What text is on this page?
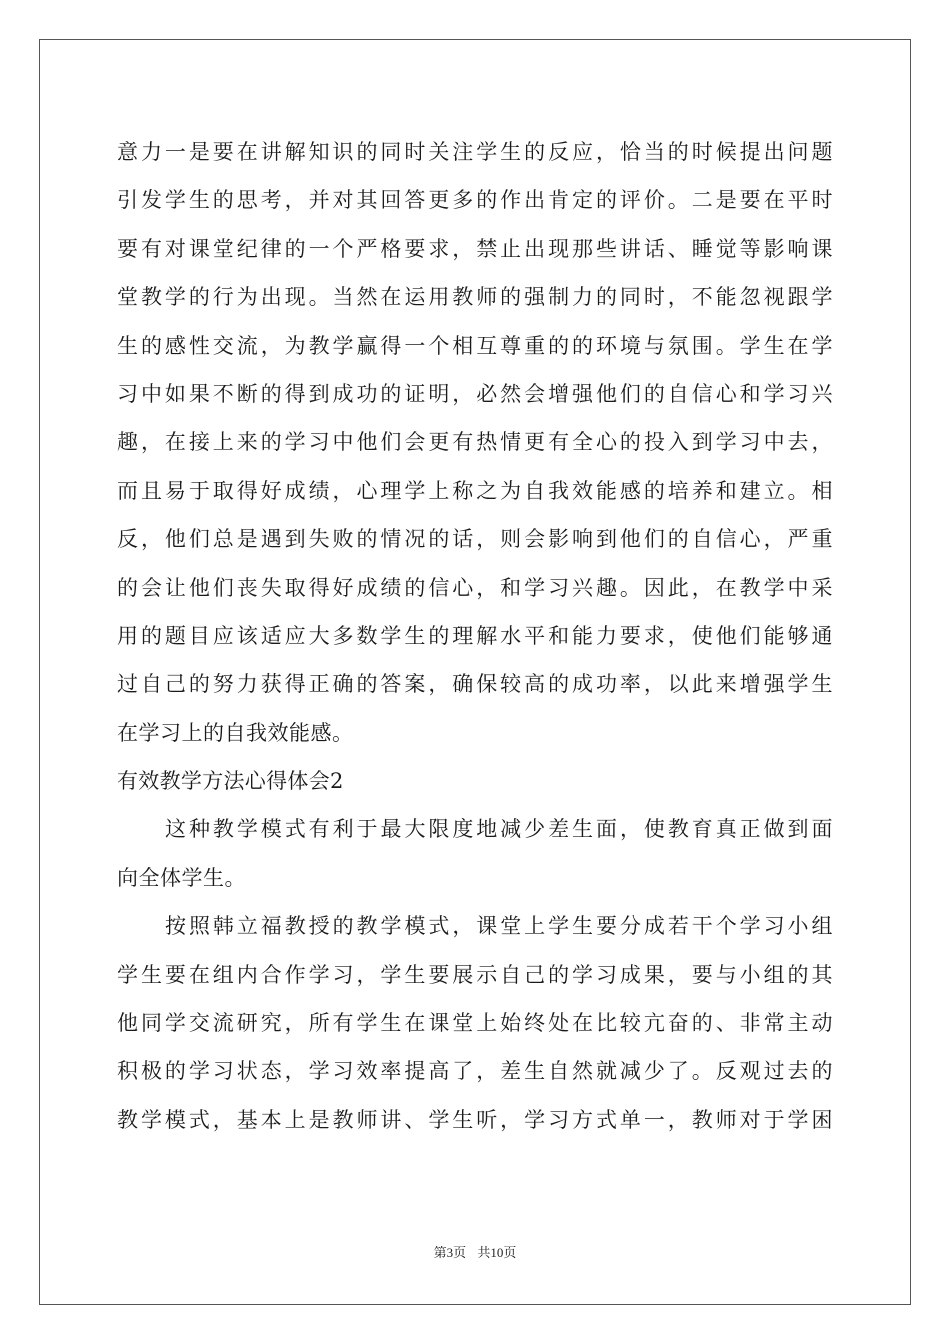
意力一是要在讲解知识的同时关注学生的反应，恰当的时候提出问题
引发学生的思考，并对其回答更多的作出肯定的评价。二是要在平时
要有对课堂纪律的一个严格要求，禁止出现那些讲话、睡觉等影响课
堂教学的行为出现。当然在运用教师的强制力的同时，不能忽视跟学
生的感性交流，为教学赢得一个相互尊重的的环境与氛围。学生在学
习中如果不断的得到成功的证明，必然会增强他们的自信心和学习兴
趣，在接上来的学习中他们会更有热情更有全心的投入到学习中去，
而且易于取得好成绩，心理学上称之为自我效能感的培养和建立。相
反，他们总是遇到失败的情况的话，则会影响到他们的自信心，严重
的会让他们丧失取得好成绩的信心，和学习兴趣。因此，在教学中采
用的题目应该适应大多数学生的理解水平和能力要求，使他们能够通
过自己的努力获得正确的答案，确保较高的成功率，以此来增强学生
在学习上的自我效能感。
有效教学方法心得体会2
这种教学模式有利于最大限度地减少差生面，使教育真正做到面
向全体学生。
按照韩立福教授的教学模式，课堂上学生要分成若干个学习小组
学生要在组内合作学习，学生要展示自己的学习成果，要与小组的其
他同学交流研究，所有学生在课堂上始终处在比较亢奋的、非常主动
积极的学习状态，学习效率提高了，差生自然就减少了。反观过去的
教学模式，基本上是教师讲、学生听，学习方式单一，教师对于学困
第3页 共10页
